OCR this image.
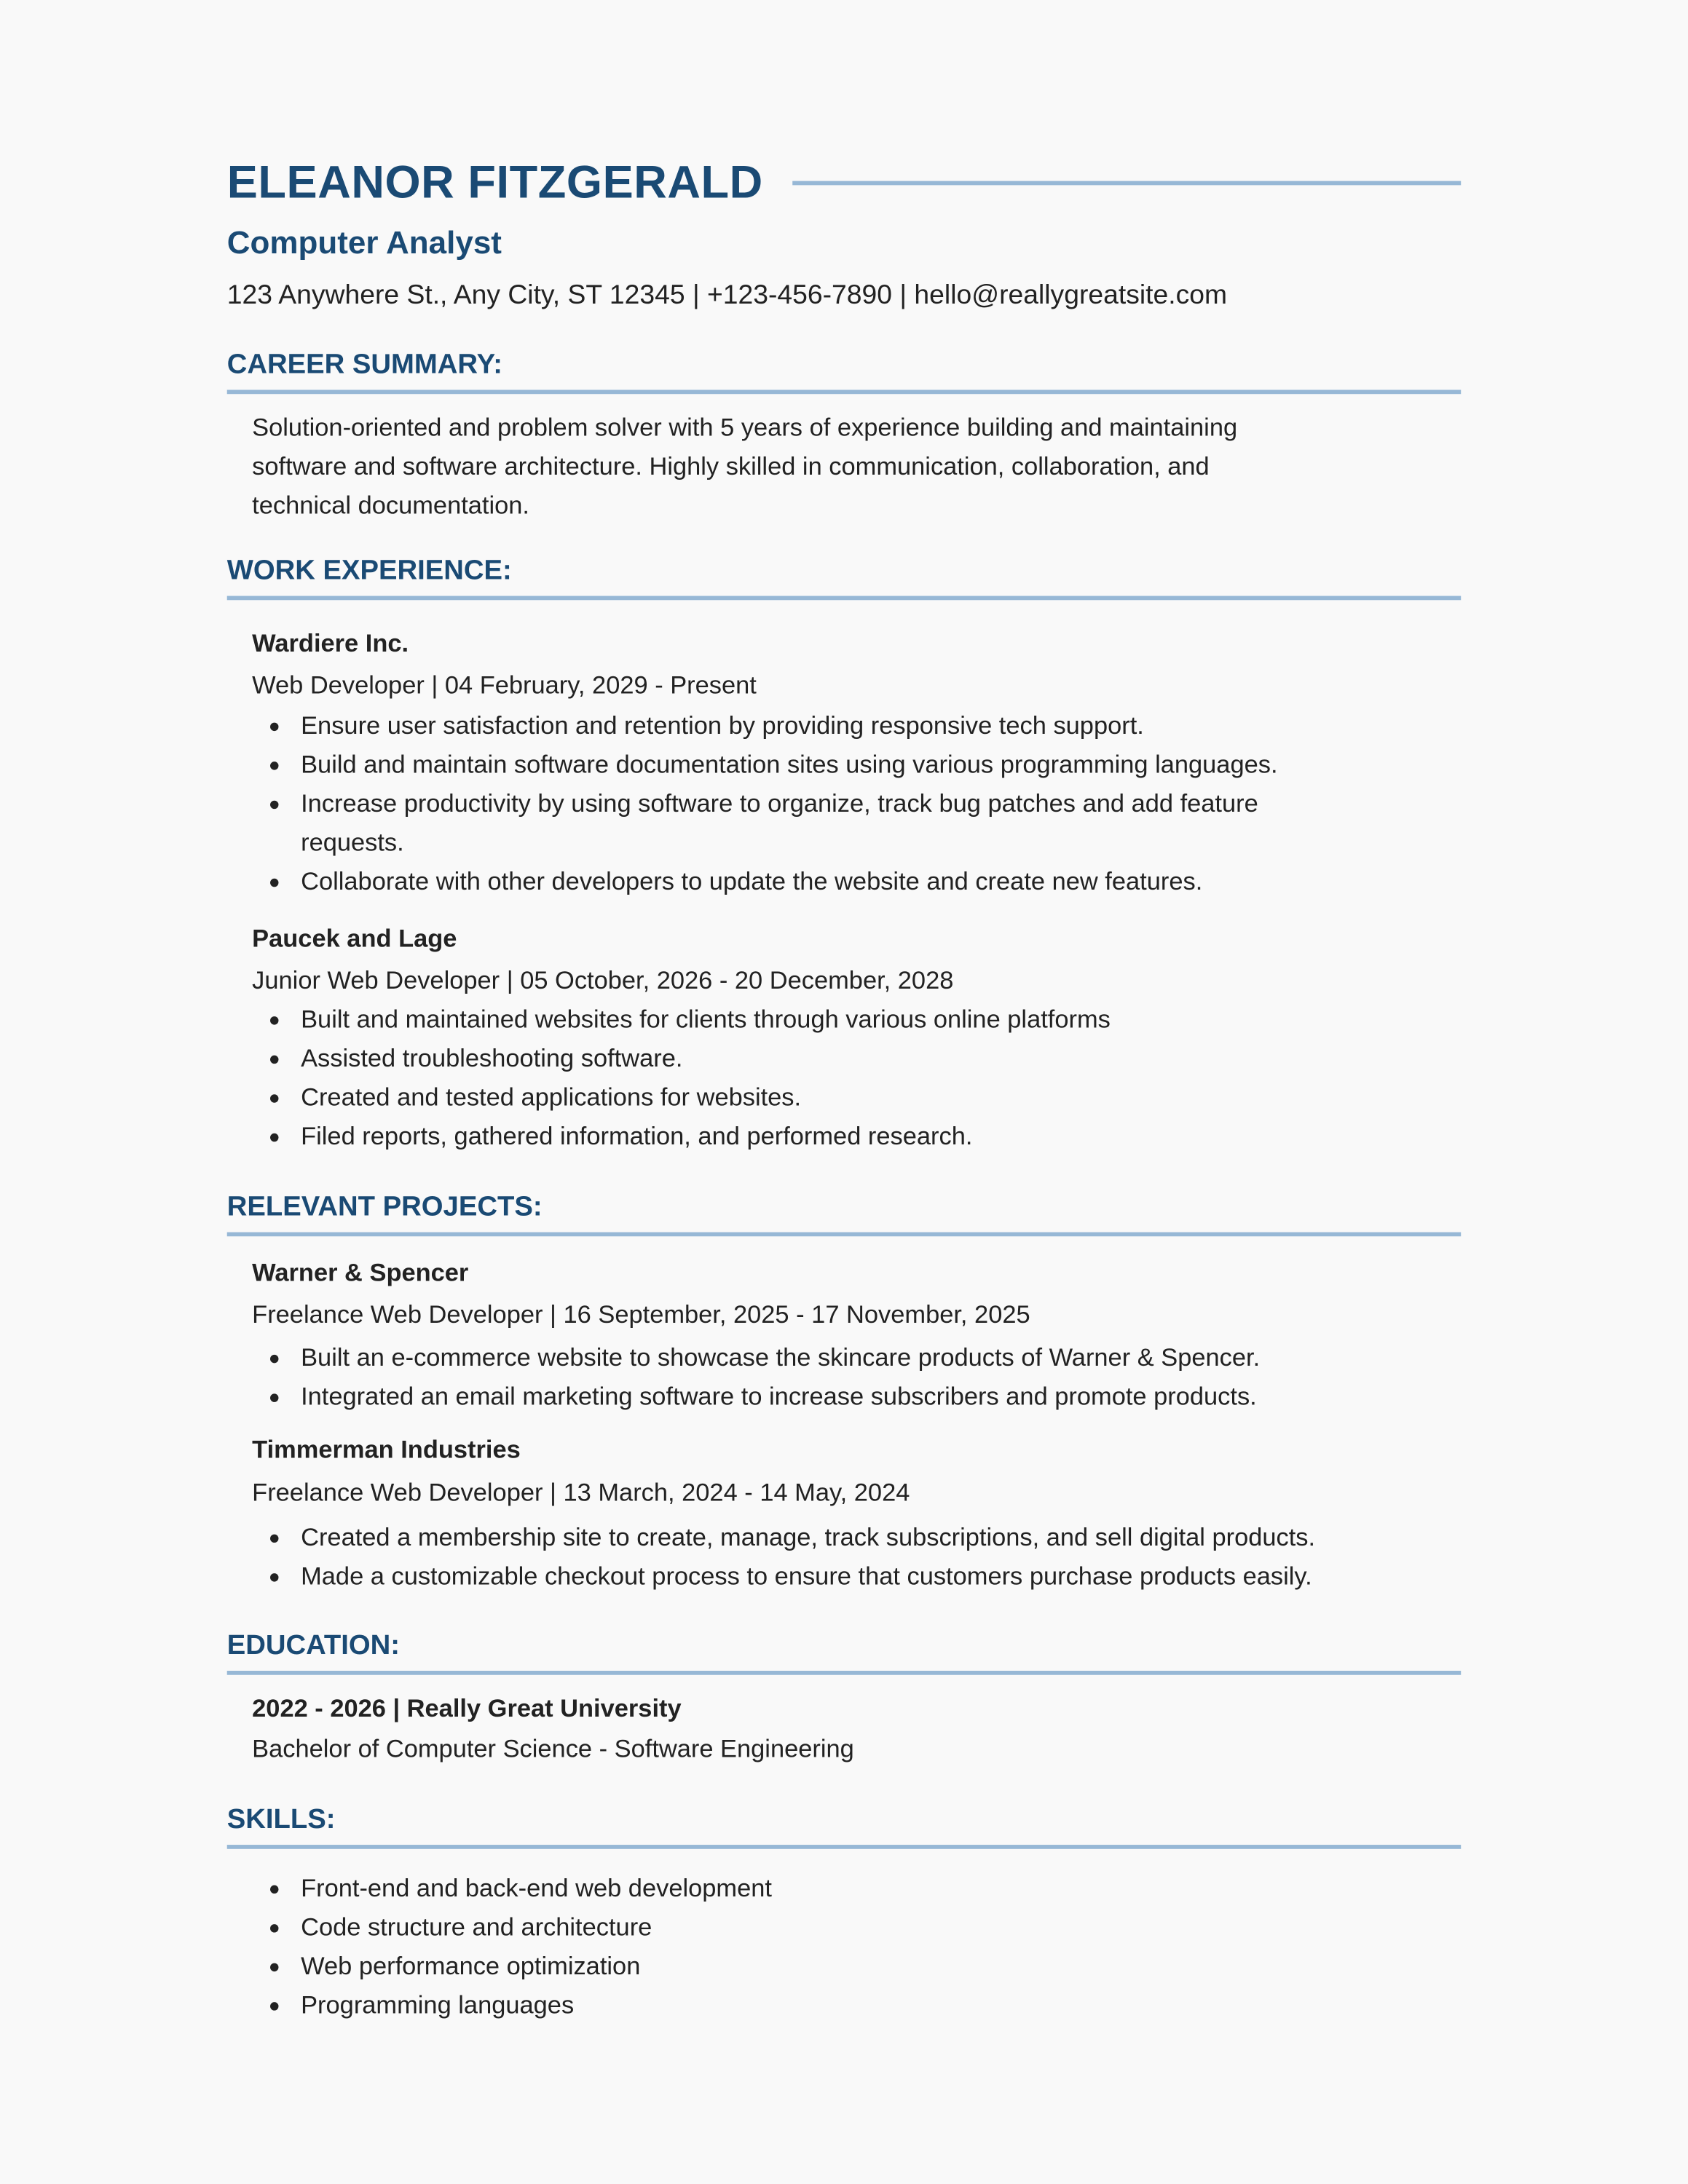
ELEANOR FITZGERALD
Computer Analyst
123 Anywhere St., Any City, ST 12345 | +123-456-7890 | hello@reallygreatsite.com
CAREER SUMMARY:
Solution-oriented and problem solver with 5 years of experience building and maintaining
software and software architecture. Highly skilled in communication, collaboration, and
technical documentation.
WORK EXPERIENCE:
Wardiere Inc.
Web Developer | 04 February, 2029 - Present
Ensure user satisfaction and retention by providing responsive tech support.
Build and maintain software documentation sites using various programming languages.
Increase productivity by using software to organize, track bug patches and add feature
requests.
Collaborate with other developers to update the website and create new features.
Paucek and Lage
Junior Web Developer | 05 October, 2026 - 20 December, 2028
Built and maintained websites for clients through various online platforms
Assisted troubleshooting software.
Created and tested applications for websites.
Filed reports, gathered information, and performed research.
RELEVANT PROJECTS:
Warner & Spencer
Freelance Web Developer | 16 September, 2025 - 17 November, 2025
Built an e-commerce website to showcase the skincare products of Warner & Spencer.
Integrated an email marketing software to increase subscribers and promote products.
Timmerman Industries
Freelance Web Developer | 13 March, 2024 - 14 May, 2024
Created a membership site to create, manage, track subscriptions, and sell digital products.
Made a customizable checkout process to ensure that customers purchase products easily.
EDUCATION:
2022 - 2026 | Really Great University
Bachelor of Computer Science - Software Engineering
SKILLS:
Front-end and back-end web development
Code structure and architecture
Web performance optimization
Programming languages
